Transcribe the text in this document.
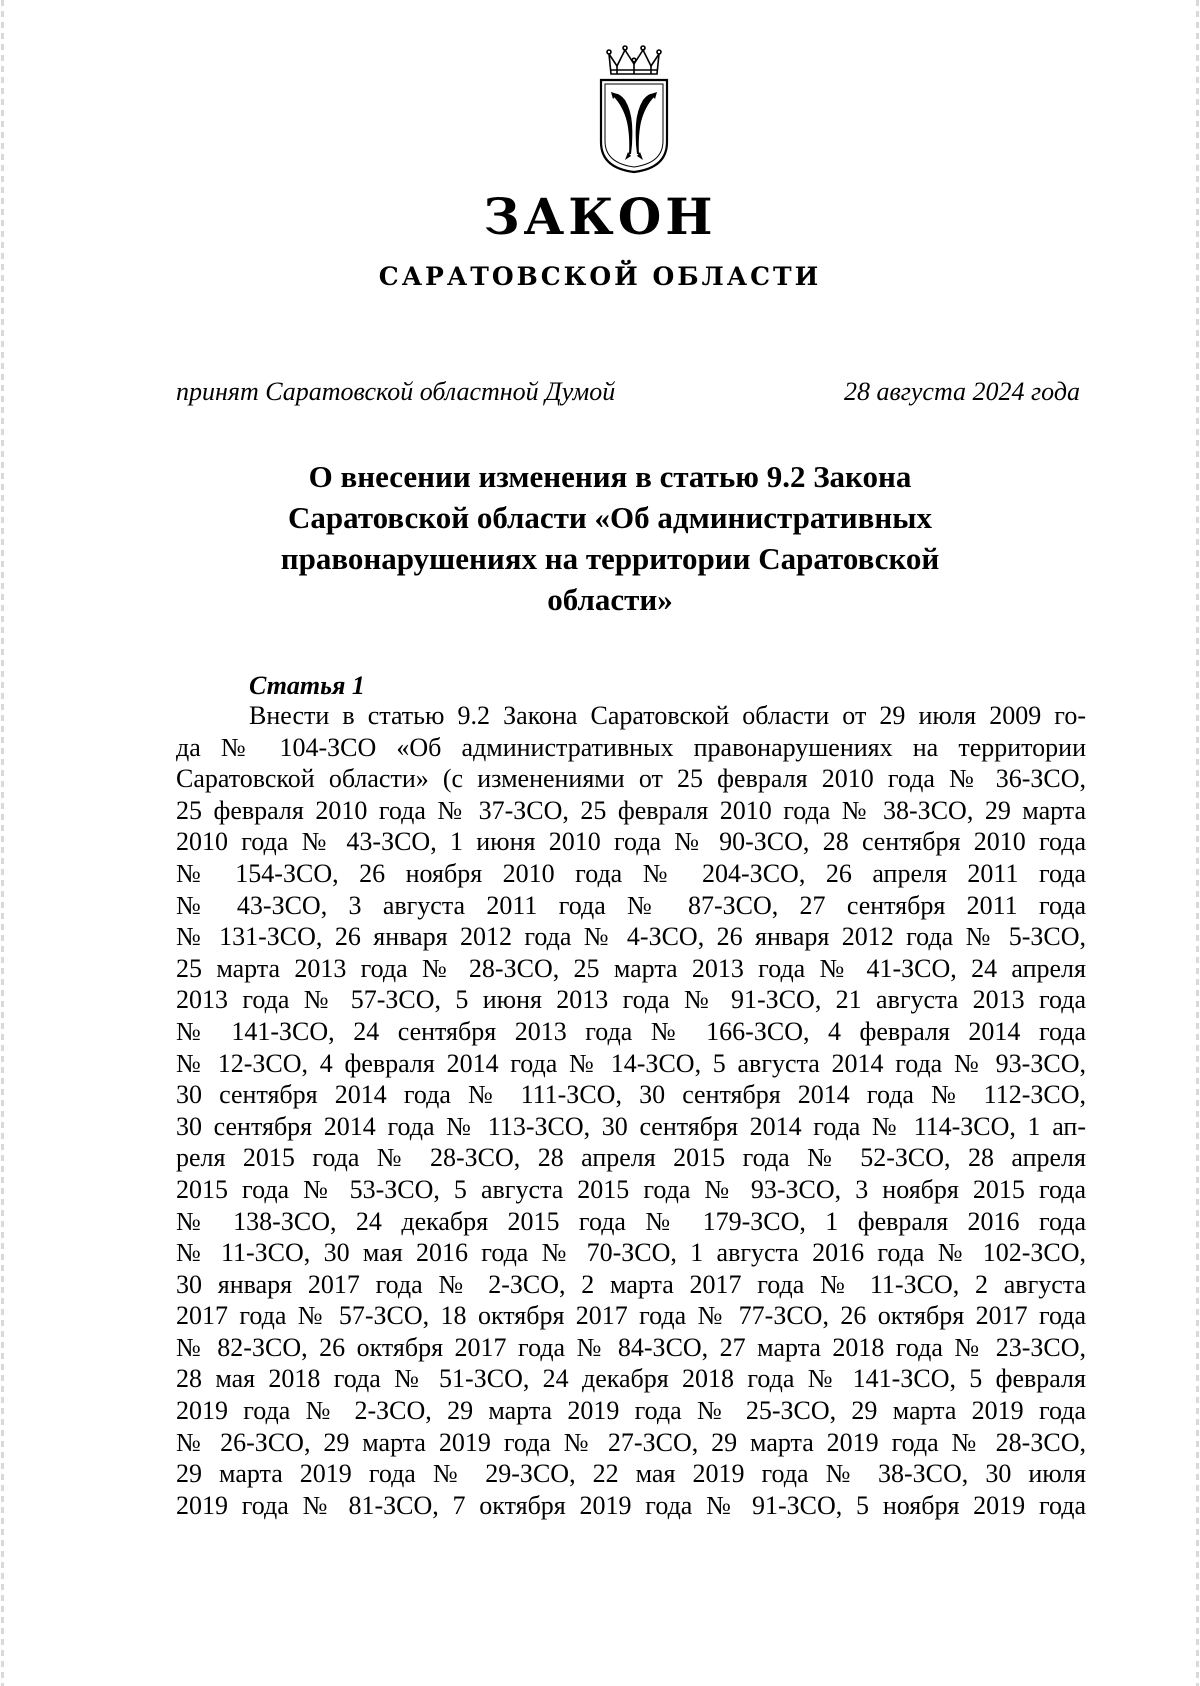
ЗАКОН
САРАТОВСКОЙ ОБЛАСТИ
принят Саратовской областной Думой	28 августа 2024 года
О внесении изменения в статью 9.2 Закона
Саратовской области «Об административных
правонарушениях на территории Саратовской
области»
Статья 1
Внести в статью 9.2 Закона Саратовской области от 29 июля 2009 го-
да № 104-ЗСО «Об административных правонарушениях на территории
Саратовской области» (с изменениями от 25 февраля 2010 года № 36-ЗСО,
25 февраля 2010 года № 37-ЗСО, 25 февраля 2010 года № 38-ЗСО, 29 марта
2010 года № 43-ЗСО, 1 июня 2010 года № 90-ЗСО, 28 сентября 2010 года
№ 154-ЗСО, 26 ноября 2010 года № 204-ЗСО, 26 апреля 2011 года
№ 43-ЗСО, 3 августа 2011 года № 87-ЗСО, 27 сентября 2011 года
№ 131-ЗСО, 26 января 2012 года № 4-ЗСО, 26 января 2012 года № 5-ЗСО,
25 марта 2013 года № 28-ЗСО, 25 марта 2013 года № 41-ЗСО, 24 апреля
2013 года № 57-ЗСО, 5 июня 2013 года № 91-ЗСО, 21 августа 2013 года
№ 141-ЗСО, 24 сентября 2013 года № 166-ЗСО, 4 февраля 2014 года
№ 12-ЗСО, 4 февраля 2014 года № 14-ЗСО, 5 августа 2014 года № 93-ЗСО,
30 сентября 2014 года № 111-ЗСО, 30 сентября 2014 года № 112-ЗСО,
30 сентября 2014 года № 113-ЗСО, 30 сентября 2014 года № 114-ЗСО, 1 ап-
реля 2015 года № 28-ЗСО, 28 апреля 2015 года № 52-ЗСО, 28 апреля
2015 года № 53-ЗСО, 5 августа 2015 года № 93-ЗСО, 3 ноября 2015 года
№ 138-ЗСО, 24 декабря 2015 года № 179-ЗСО, 1 февраля 2016 года
№ 11-ЗСО, 30 мая 2016 года № 70-ЗСО, 1 августа 2016 года № 102-ЗСО,
30 января 2017 года № 2-ЗСО, 2 марта 2017 года № 11-ЗСО, 2 августа
2017 года № 57-ЗСО, 18 октября 2017 года № 77-ЗСО, 26 октября 2017 года
№ 82-ЗСО, 26 октября 2017 года № 84-ЗСО, 27 марта 2018 года № 23-ЗСО,
28 мая 2018 года № 51-ЗСО, 24 декабря 2018 года № 141-ЗСО, 5 февраля
2019 года № 2-ЗСО, 29 марта 2019 года № 25-ЗСО, 29 марта 2019 года
№ 26-ЗСО, 29 марта 2019 года № 27-ЗСО, 29 марта 2019 года № 28-ЗСО,
29 марта 2019 года № 29-ЗСО, 22 мая 2019 года № 38-ЗСО, 30 июля
2019 года № 81-ЗСО, 7 октября 2019 года № 91-ЗСО, 5 ноября 2019 года
